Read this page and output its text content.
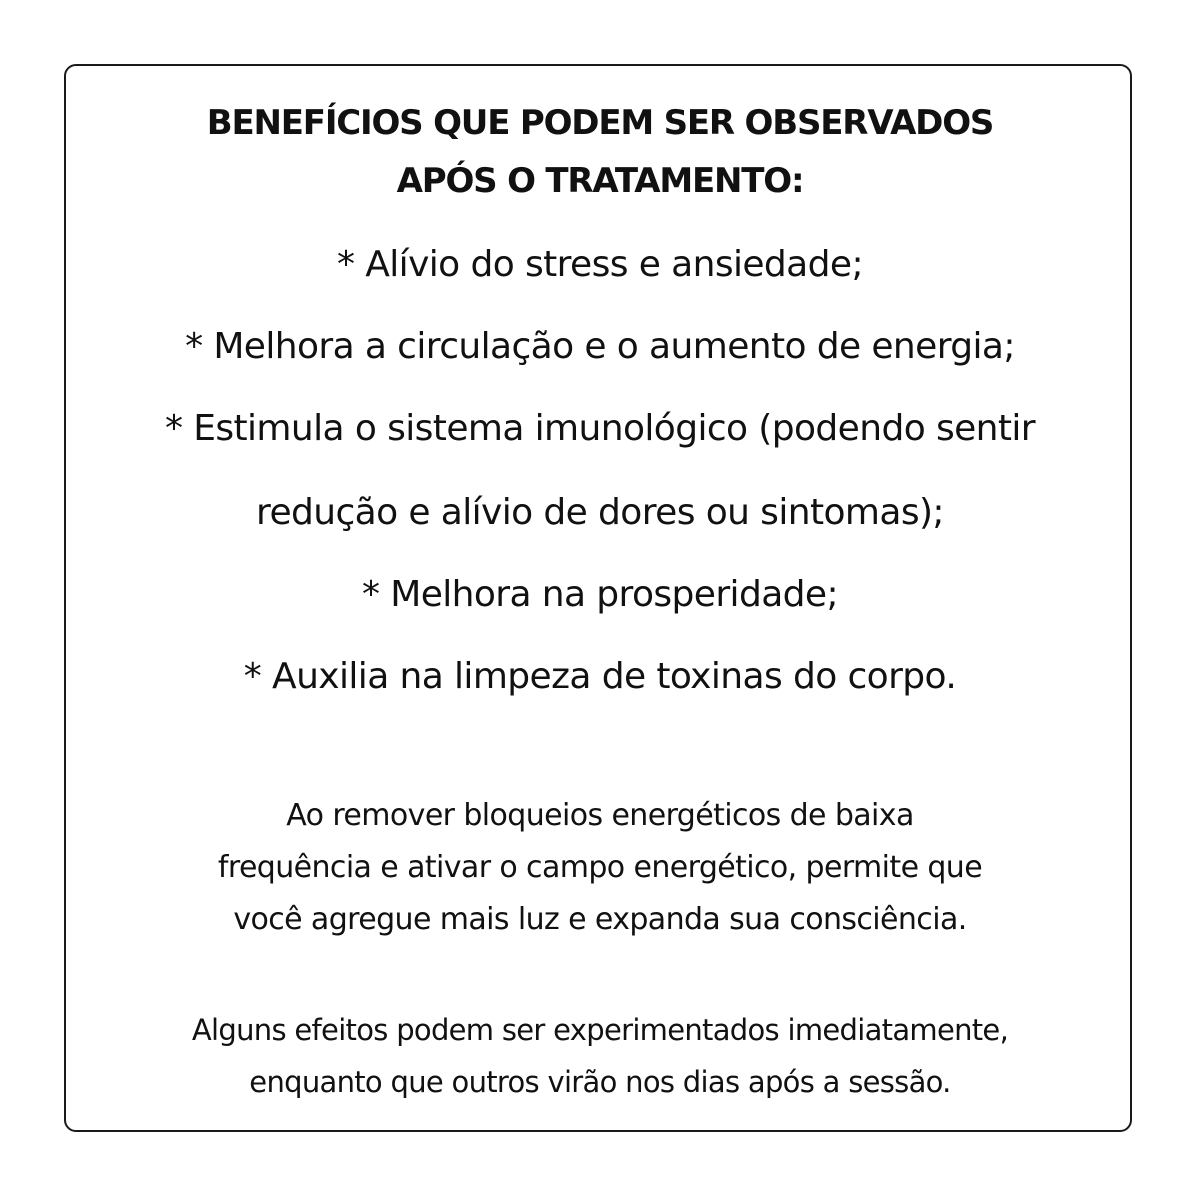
BENEFÍCIOS QUE PODEM SER OBSERVADOS
APÓS O TRATAMENTO:
* Alívio do stress e ansiedade;
* Melhora a circulação e o aumento de energia;
* Estimula o sistema imunológico (podendo sentir
redução e alívio de dores ou sintomas);
* Melhora na prosperidade;
* Auxilia na limpeza de toxinas do corpo.

Ao remover bloqueios energéticos de baixa

frequência e ativar o campo energético, permite que

você agregue mais luz e expanda sua consciência.

Alguns efeitos podem ser experimentados imediatamente,

enquanto que outros virão nos dias após a sessão.
